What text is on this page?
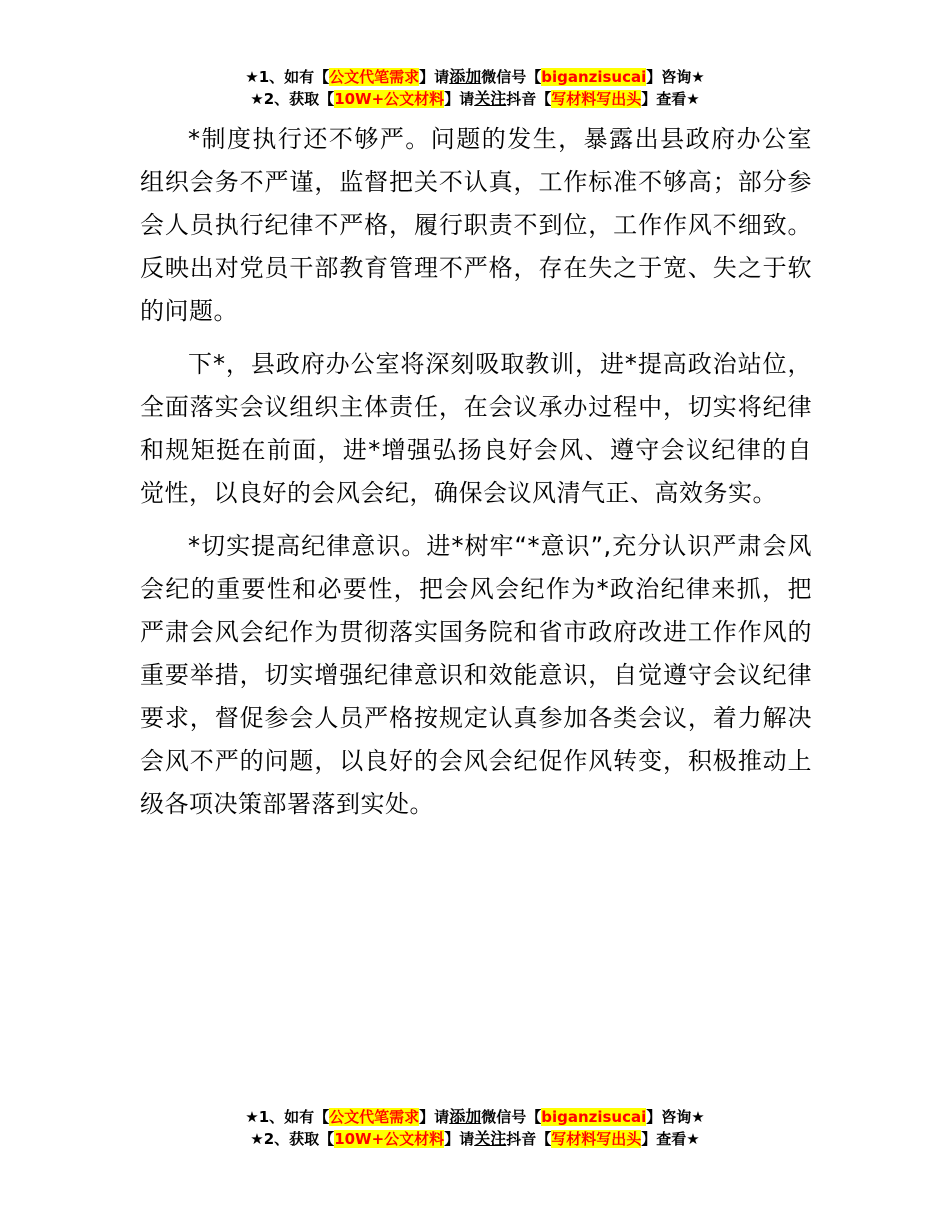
★1、如有【公文代笔需求】请添加微信号【biganzisucai】咨询★
★2、获取【10W+公文材料】请关注抖音【写材料写出头】查看★

*制度执行还不够严。问题的发生，暴露出县政府办公室组织会务不严谨，监督把关不认真，工作标准不够高；部分参会人员执行纪律不严格，履行职责不到位，工作作风不细致。反映出对党员干部教育管理不严格，存在失之于宽、失之于软的问题。

下*，县政府办公室将深刻吸取教训，进*提高政治站位，全面落实会议组织主体责任，在会议承办过程中，切实将纪律和规矩挺在前面，进*增强弘扬良好会风、遵守会议纪律的自觉性，以良好的会风会纪，确保会议风清气正、高效务实。

*切实提高纪律意识。进*树牢“*意识”,充分认识严肃会风会纪的重要性和必要性，把会风会纪作为*政治纪律来抓，把严肃会风会纪作为贯彻落实国务院和省市政府改进工作作风的重要举措，切实增强纪律意识和效能意识，自觉遵守会议纪律要求，督促参会人员严格按规定认真参加各类会议，着力解决会风不严的问题，以良好的会风会纪促作风转变，积极推动上级各项决策部署落到实处。

★1、如有【公文代笔需求】请添加微信号【biganzisucai】咨询★
★2、获取【10W+公文材料】请关注抖音【写材料写出头】查看★
